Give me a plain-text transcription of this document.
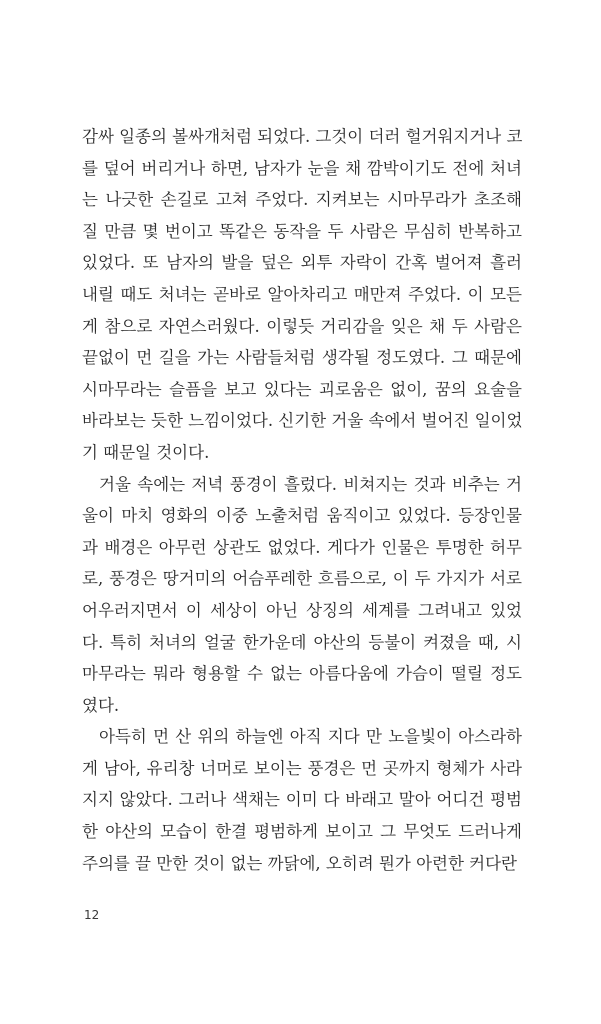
감싸 일종의 볼싸개처럼 되었다. 그것이 더러 헐거워지거나 코
를 덮어 버리거나 하면, 남자가 눈을 채 깜박이기도 전에 처녀
는 나긋한 손길로 고쳐 주었다. 지켜보는 시마무라가 초조해
질 만큼 몇 번이고 똑같은 동작을 두 사람은 무심히 반복하고
있었다. 또 남자의 발을 덮은 외투 자락이 간혹 벌어져 흘러
내릴 때도 처녀는 곧바로 알아차리고 매만져 주었다. 이 모든
게 참으로 자연스러웠다. 이렇듯 거리감을 잊은 채 두 사람은
끝없이 먼 길을 가는 사람들처럼 생각될 정도였다. 그 때문에
시마무라는 슬픔을 보고 있다는 괴로움은 없이, 꿈의 요술을
바라보는 듯한 느낌이었다. 신기한 거울 속에서 벌어진 일이었
기 때문일 것이다.
거울 속에는 저녁 풍경이 흘렀다. 비쳐지는 것과 비추는 거
울이 마치 영화의 이중 노출처럼 움직이고 있었다. 등장인물
과 배경은 아무런 상관도 없었다. 게다가 인물은 투명한 허무
로, 풍경은 땅거미의 어슴푸레한 흐름으로, 이 두 가지가 서로
어우러지면서 이 세상이 아닌 상징의 세계를 그려내고 있었
다. 특히 처녀의 얼굴 한가운데 야산의 등불이 켜졌을 때, 시
마무라는 뭐라 형용할 수 없는 아름다움에 가슴이 떨릴 정도
였다.
아득히 먼 산 위의 하늘엔 아직 지다 만 노을빛이 아스라하
게 남아, 유리창 너머로 보이는 풍경은 먼 곳까지 형체가 사라
지지 않았다. 그러나 색채는 이미 다 바래고 말아 어디건 평범
한 야산의 모습이 한결 평범하게 보이고 그 무엇도 드러나게
주의를 끌 만한 것이 없는 까닭에, 오히려 뭔가 아련한 커다란
12
